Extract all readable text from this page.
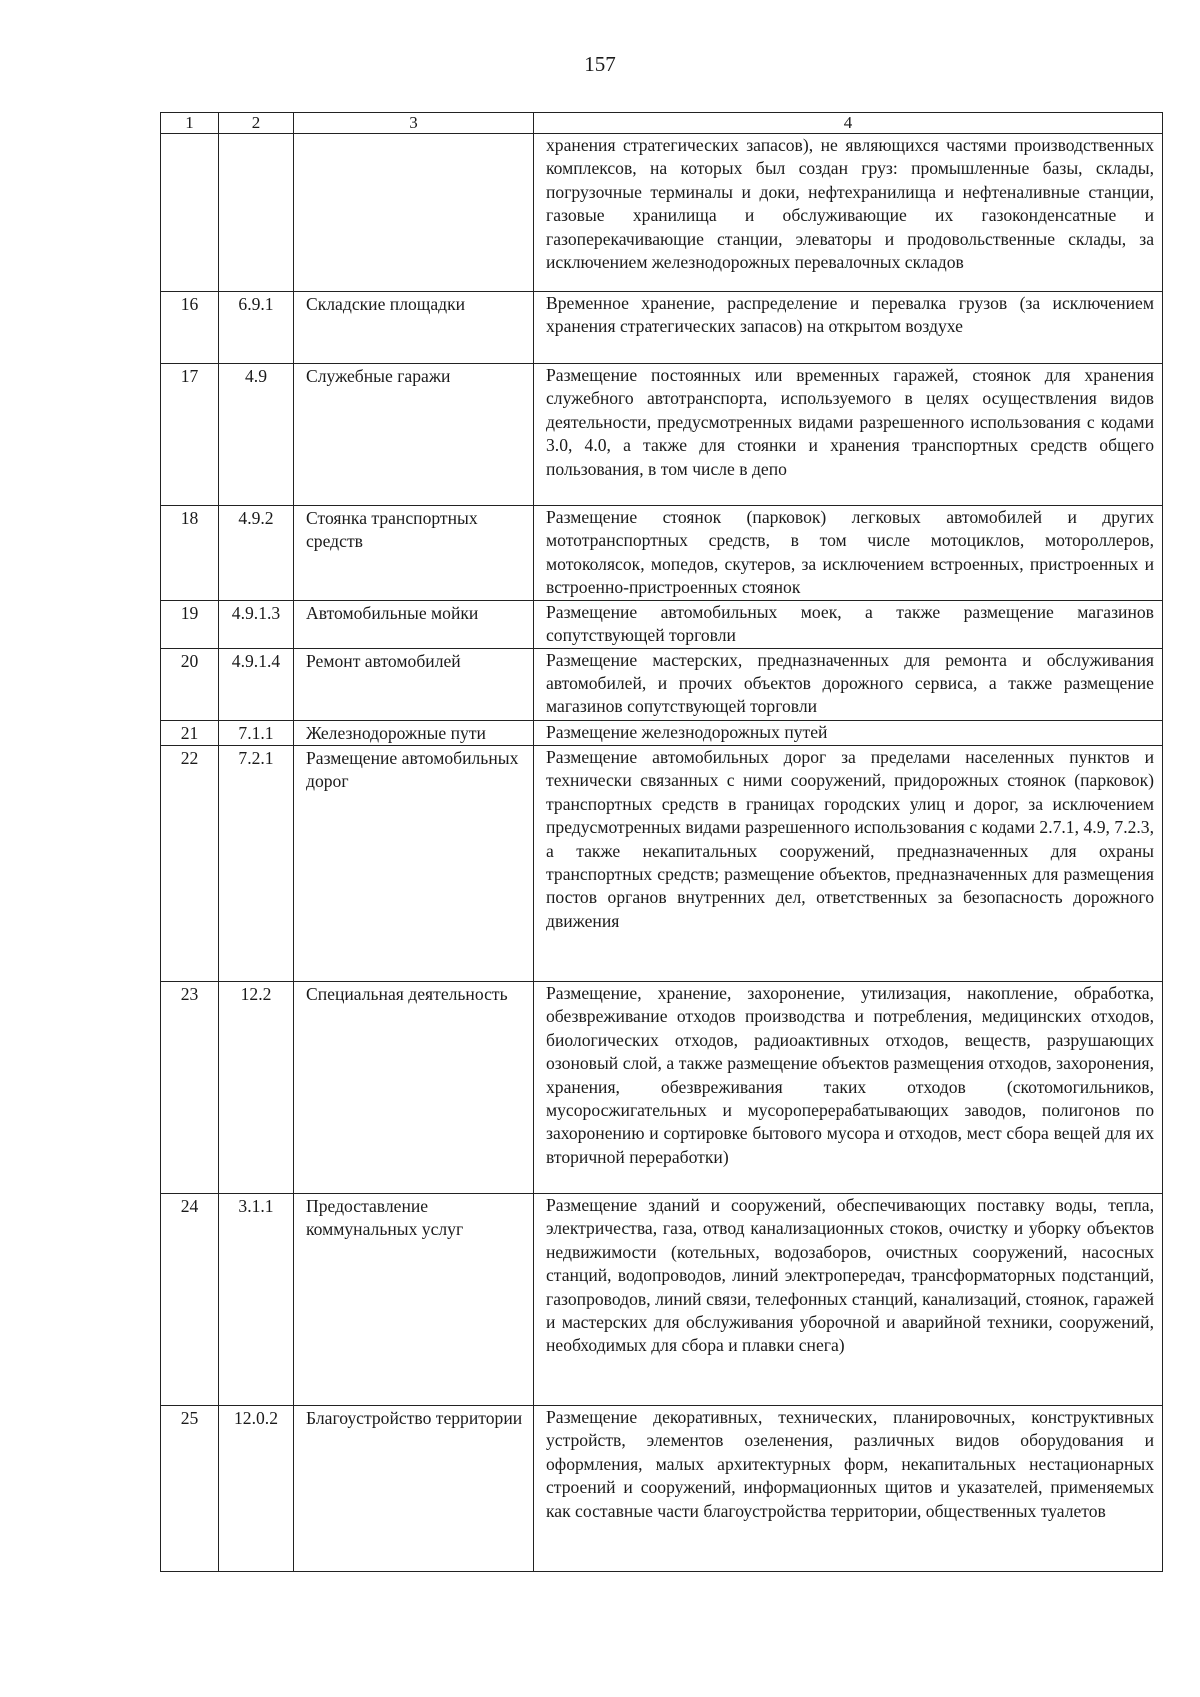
157
1	2	3	4
			хранения стратегических запасов), не являющихся частями производственных комплексов, на которых был создан груз: промышленные базы, склады, погрузочные терминалы и доки, нефтехранилища и нефтеналивные станции, газовые хранилища и обслуживающие их газоконденсатные и газоперекачивающие станции, элеваторы и продовольственные склады, за исключением железнодорожных перевалочных складов
16	6.9.1	Складские площадки	Временное хранение, распределение и перевалка грузов (за исключением хранения стратегических запасов) на открытом воздухе
17	4.9	Служебные гаражи	Размещение постоянных или временных гаражей, стоянок для хранения служебного автотранспорта, используемого в целях осуществления видов деятельности, предусмотренных видами разрешенного использования с кодами 3.0, 4.0, а также для стоянки и хранения транспортных средств общего пользования, в том числе в депо
18	4.9.2	Стоянка транспортных средств	Размещение стоянок (парковок) легковых автомобилей и других мототранспортных средств, в том числе мотоциклов, мотороллеров, мотоколясок, мопедов, скутеров, за исключением встроенных, пристроенных и встроенно-пристроенных стоянок
19	4.9.1.3	Автомобильные мойки	Размещение автомобильных моек, а также размещение магазинов сопутствующей торговли
20	4.9.1.4	Ремонт автомобилей	Размещение мастерских, предназначенных для ремонта и обслуживания автомобилей, и прочих объектов дорожного сервиса, а также размещение магазинов сопутствующей торговли
21	7.1.1	Железнодорожные пути	Размещение железнодорожных путей
22	7.2.1	Размещение автомобильных дорог	Размещение автомобильных дорог за пределами населенных пунктов и технически связанных с ними сооружений, придорожных стоянок (парковок) транспортных средств в границах городских улиц и дорог, за исключением предусмотренных видами разрешенного использования с кодами 2.7.1, 4.9, 7.2.3, а также некапитальных сооружений, предназначенных для охраны транспортных средств; размещение объектов, предназначенных для размещения постов органов внутренних дел, ответственных за безопасность дорожного движения
23	12.2	Специальная деятельность	Размещение, хранение, захоронение, утилизация, накопление, обработка, обезвреживание отходов производства и потребления, медицинских отходов, биологических отходов, радиоактивных отходов, веществ, разрушающих озоновый слой, а также размещение объектов размещения отходов, захоронения, хранения, обезвреживания таких отходов (скотомогильников, мусоросжигательных и мусороперерабатывающих заводов, полигонов по захоронению и сортировке бытового мусора и отходов, мест сбора вещей для их вторичной переработки)
24	3.1.1	Предоставление коммунальных услуг	Размещение зданий и сооружений, обеспечивающих поставку воды, тепла, электричества, газа, отвод канализационных стоков, очистку и уборку объектов недвижимости (котельных, водозаборов, очистных сооружений, насосных станций, водопроводов, линий электропередач, трансформаторных подстанций, газопроводов, линий связи, телефонных станций, канализаций, стоянок, гаражей и мастерских для обслуживания уборочной и аварийной техники, сооружений, необходимых для сбора и плавки снега)
25	12.0.2	Благоустройство территории	Размещение декоративных, технических, планировочных, конструктивных устройств, элементов озеленения, различных видов оборудования и оформления, малых архитектурных форм, некапитальных нестационарных строений и сооружений, информационных щитов и указателей, применяемых как составные части благоустройства территории, общественных туалетов
